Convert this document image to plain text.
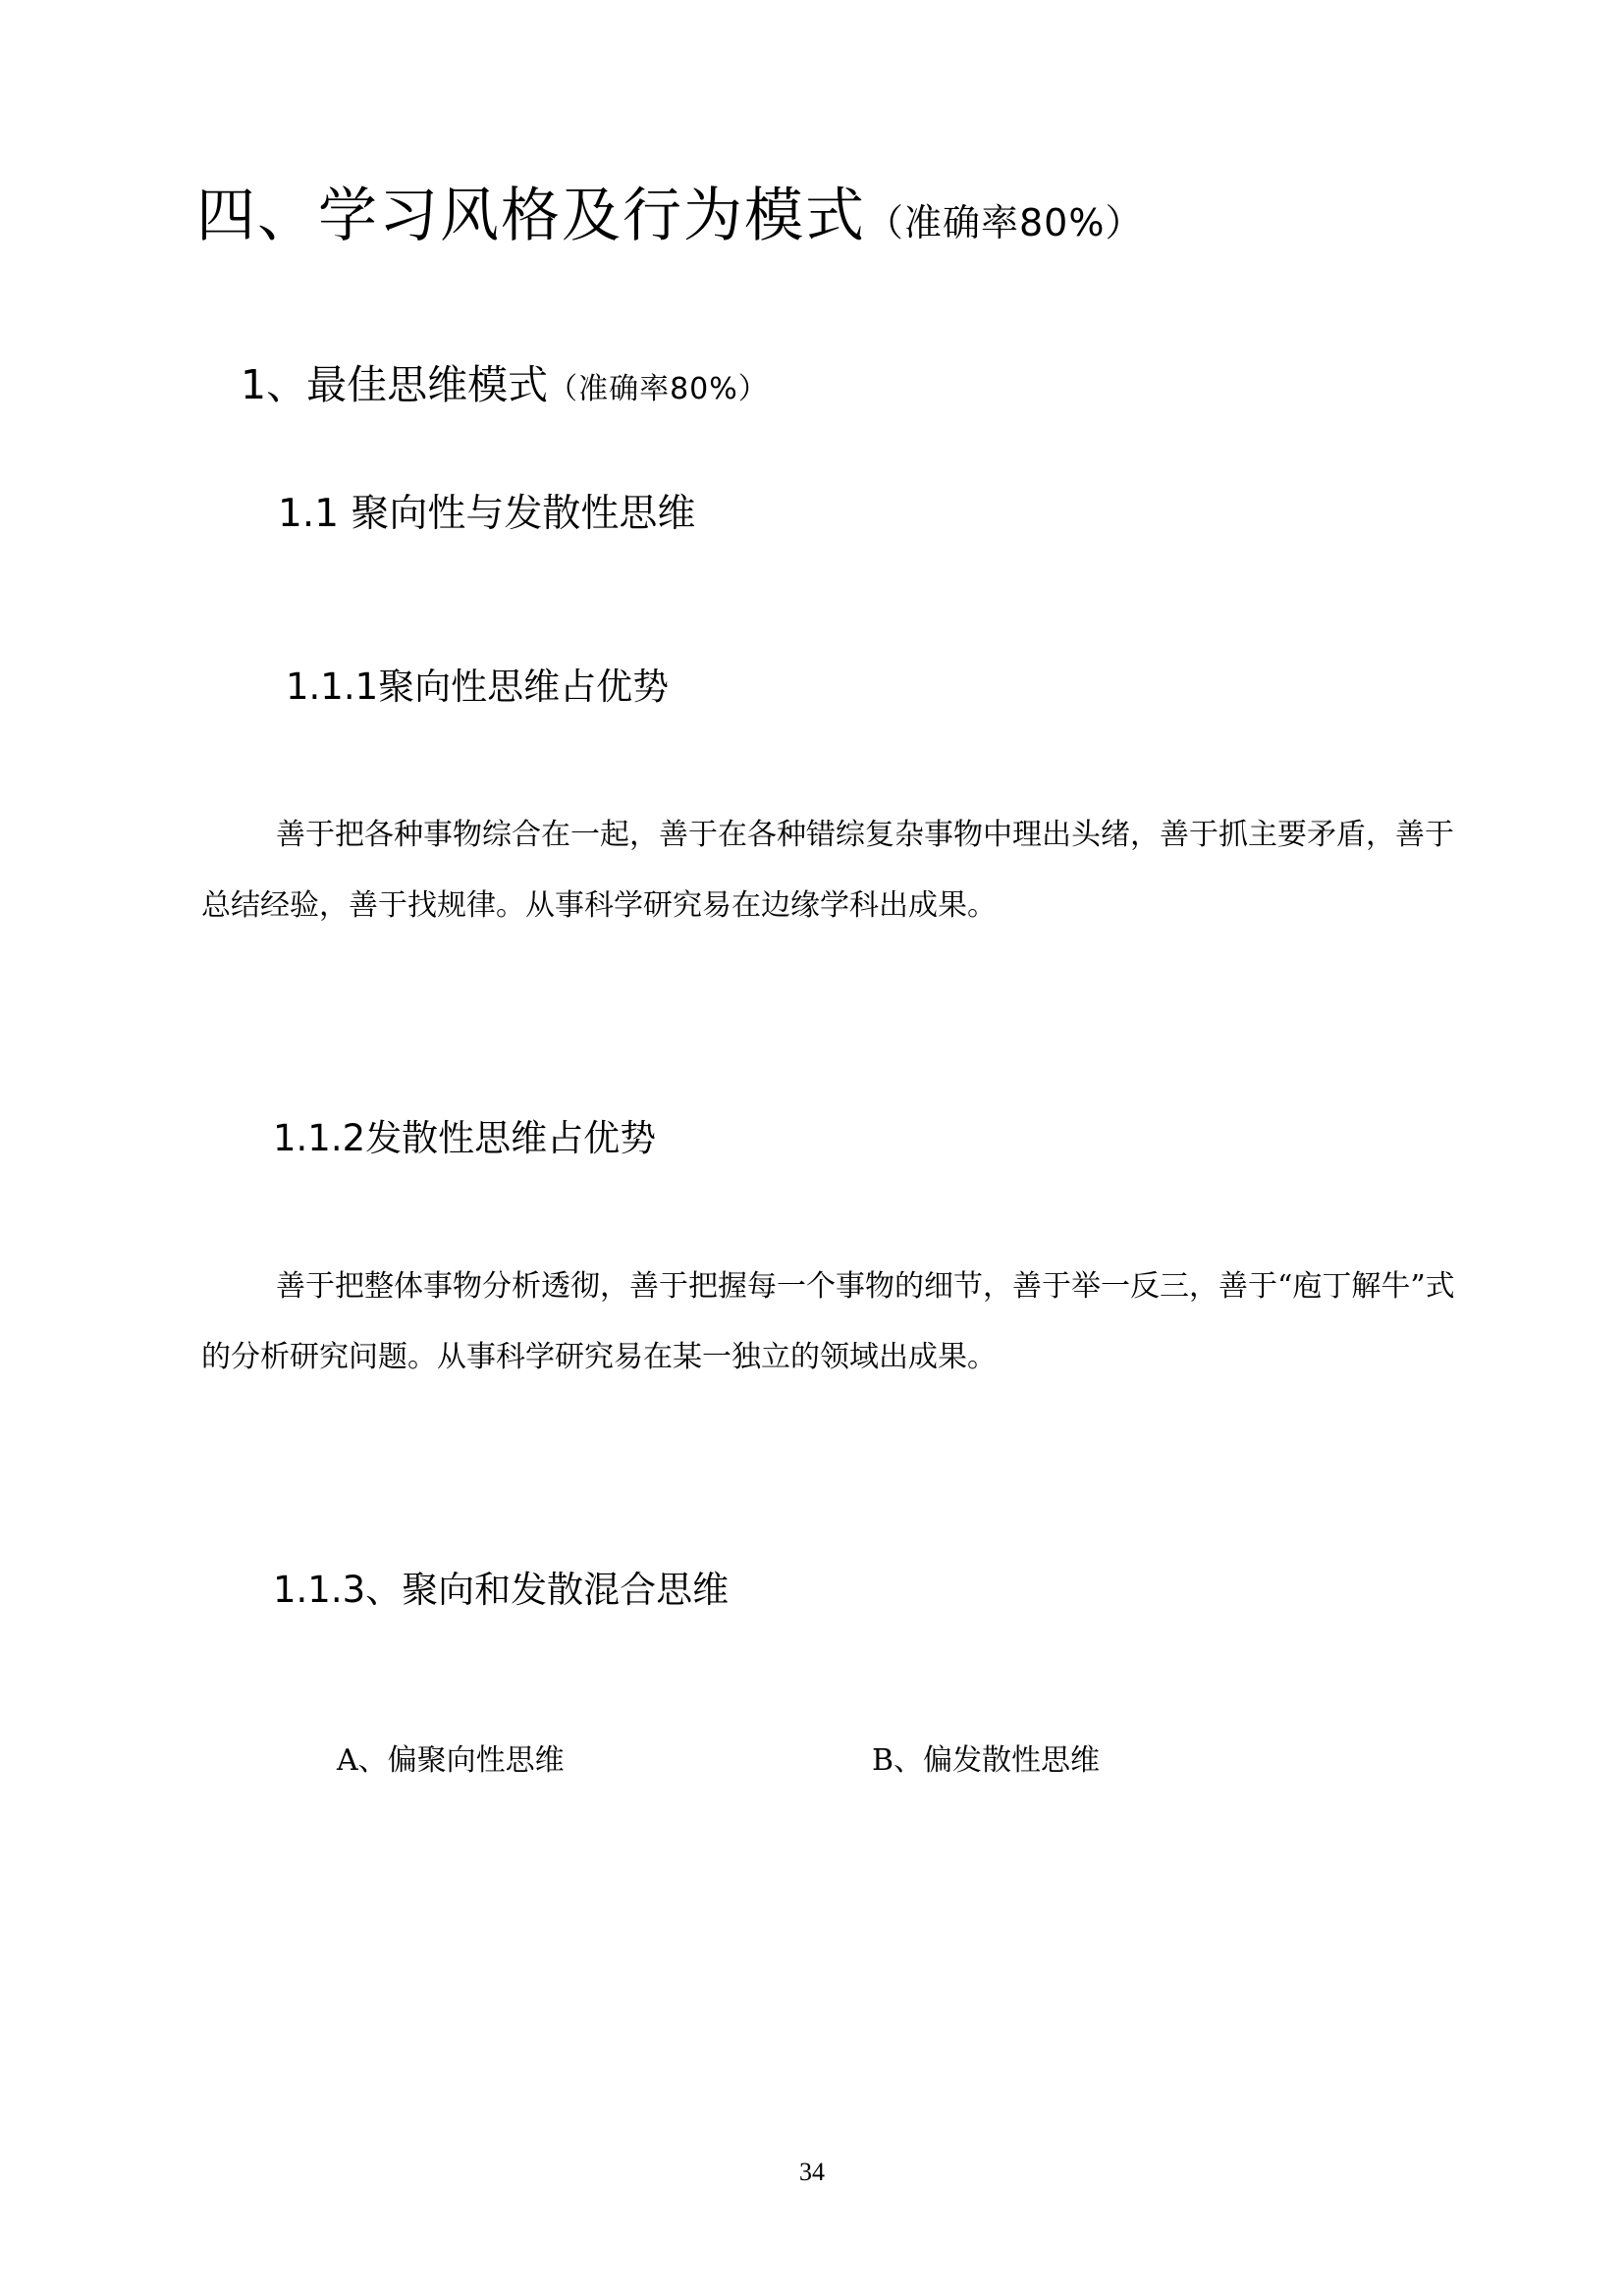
四、学习风格及行为模式（准确率80%）
1、最佳思维模式（准确率80%）
1.1 聚向性与发散性思维
1.1.1聚向性思维占优势
善于把各种事物综合在一起，善于在各种错综复杂事物中理出头绪，善于抓主要矛盾，善于总结经验，善于找规律。从事科学研究易在边缘学科出成果。
1.1.2发散性思维占优势
善于把整体事物分析透彻，善于把握每一个事物的细节，善于举一反三，善于“庖丁解牛”式的分析研究问题。从事科学研究易在某一独立的领域出成果。
1.1.3、聚向和发散混合思维
A、偏聚向性思维	B、偏发散性思维
34
